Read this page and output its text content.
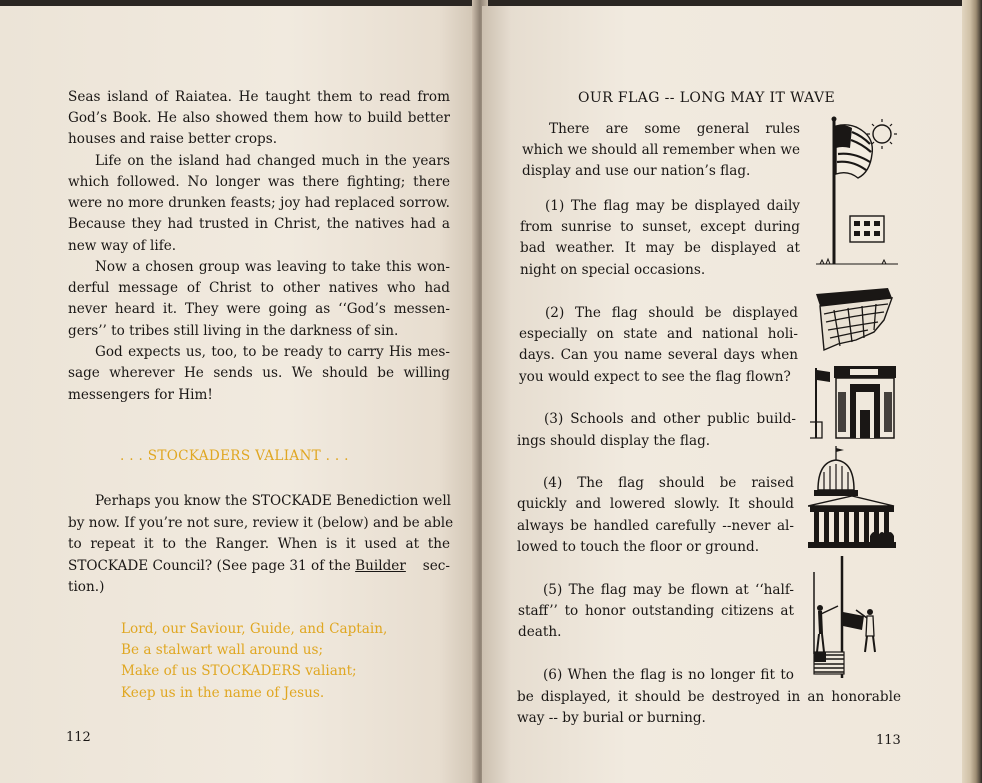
Seas island of Raiatea. He taught them to read from
God’s Book. He also showed them how to build better
houses and raise better crops.
Life on the island had changed much in the years
which followed. No longer was there fighting; there
were no more drunken feasts; joy had replaced sorrow.
Because they had trusted in Christ, the natives had a
new way of life.
Now a chosen group was leaving to take this won-
derful message of Christ to other natives who had
never heard it. They were going as ‘‘God’s messen-
gers’’ to tribes still living in the darkness of sin.
God expects us, too, to be ready to carry His mes-
sage wherever He sends us. We should be willing
messengers for Him!
. . . STOCKADERS VALIANT . . .
Perhaps you know the STOCKADE Benediction well
by now. If you’re not sure, review it (below) and be able
to repeat it to the Ranger. When is it used at the
STOCKADE Council? (See page 31 of the Builder sec-
tion.)
Lord, our Saviour, Guide, and Captain,
Be a stalwart wall around us;
Make of us STOCKADERS valiant;
Keep us in the name of Jesus.
112
OUR FLAG -- LONG MAY IT WAVE
There are some general rules
which we should all remember when we
display and use our nation’s flag.
(1) The flag may be displayed daily
from sunrise to sunset, except during
bad weather. It may be displayed at
night on special occasions.
(2) The flag should be displayed
especially on state and national holi-
days. Can you name several days when
you would expect to see the flag flown?
(3) Schools and other public build-
ings should display the flag.
(4) The flag should be raised
quickly and lowered slowly. It should
always be handled carefully --never al-
lowed to touch the floor or ground.
(5) The flag may be flown at ‘‘half-
staff’’ to honor outstanding citizens at
death.
(6) When the flag is no longer fit to
be displayed, it should be destroyed in an honorable
way -- by burial or burning.
113
